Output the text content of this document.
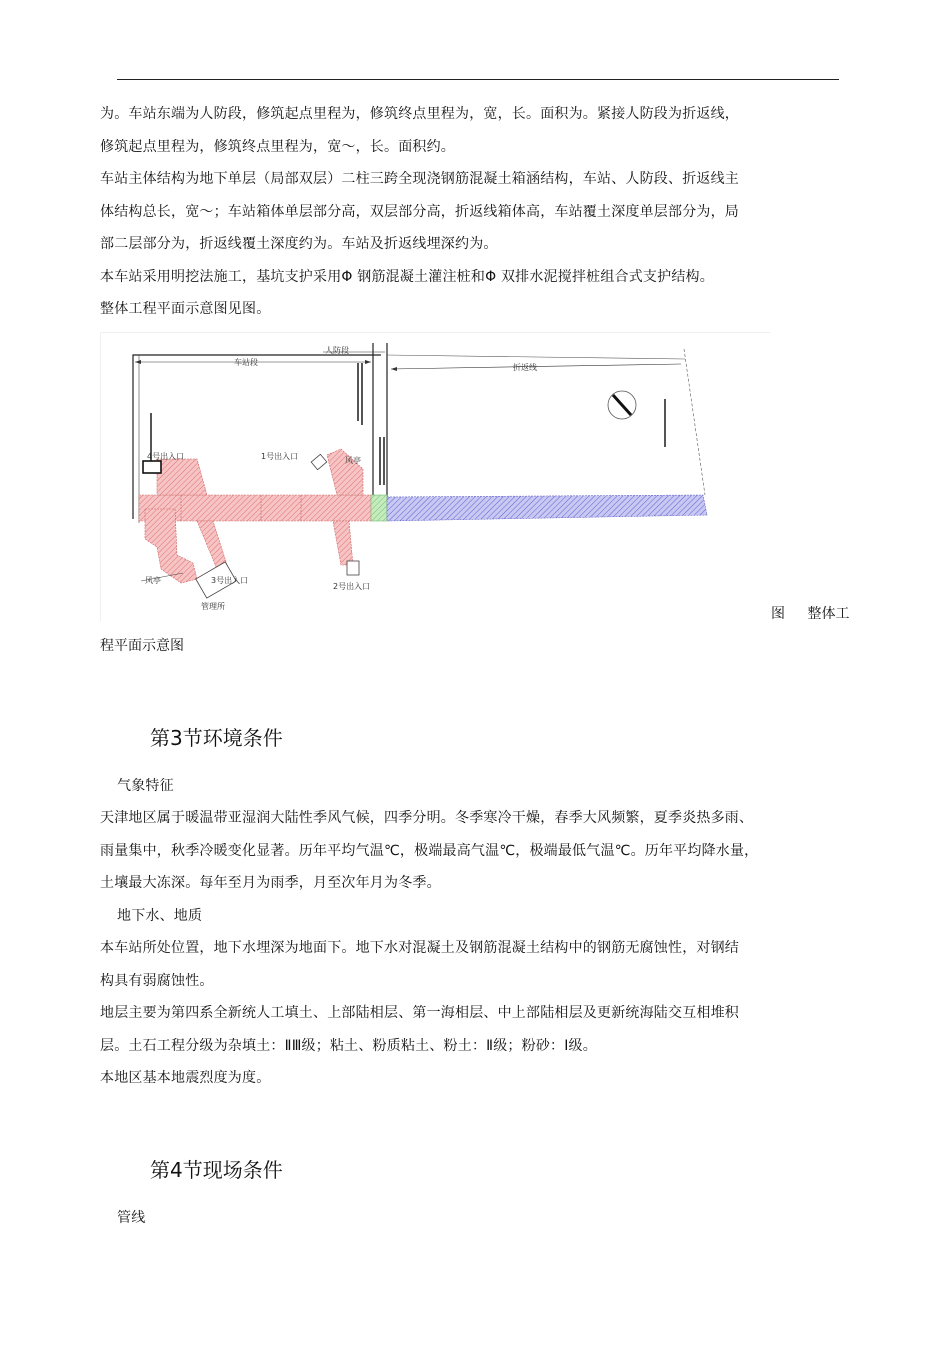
为。车站东端为人防段，修筑起点里程为，修筑终点里程为，宽，长。面积为。紧接人防段为折返线，
修筑起点里程为，修筑终点里程为，宽～，长。面积约。
车站主体结构为地下单层（局部双层）二柱三跨全现浇钢筋混凝土箱涵结构，车站、人防段、折返线主
体结构总长，宽～；车站箱体单层部分高，双层部分高，折返线箱体高，车站覆土深度单层部分为，局
部二层部分为，折返线覆土深度约为。车站及折返线埋深约为。
本车站采用明挖法施工，基坑支护采用Φ 钢筋混凝土灌注桩和Φ 双排水泥搅拌桩组合式支护结构。
整体工程平面示意图见图。
车站段
人防段
折返线
4号出入口	1号出入口	风亭
2号出入口
管理所
3号出入口
风亭
图 整体工
程平面示意图
第3节环境条件
气象特征
天津地区属于暖温带亚湿润大陆性季风气候，四季分明。冬季寒冷干燥，春季大风频繁，夏季炎热多雨、
雨量集中，秋季冷暖变化显著。历年平均气温℃，极端最高气温℃，极端最低气温℃。历年平均降水量，
土壤最大冻深。每年至月为雨季，月至次年月为冬季。
地下水、地质
本车站所处位置，地下水埋深为地面下。地下水对混凝土及钢筋混凝土结构中的钢筋无腐蚀性，对钢结
构具有弱腐蚀性。
地层主要为第四系全新统人工填土、上部陆相层、第一海相层、中上部陆相层及更新统海陆交互相堆积
层。土石工程分级为杂填土：ⅡⅢ级；粘土、粉质粘土、粉土：Ⅱ级；粉砂：Ⅰ级。
本地区基本地震烈度为度。
第4节现场条件
管线
